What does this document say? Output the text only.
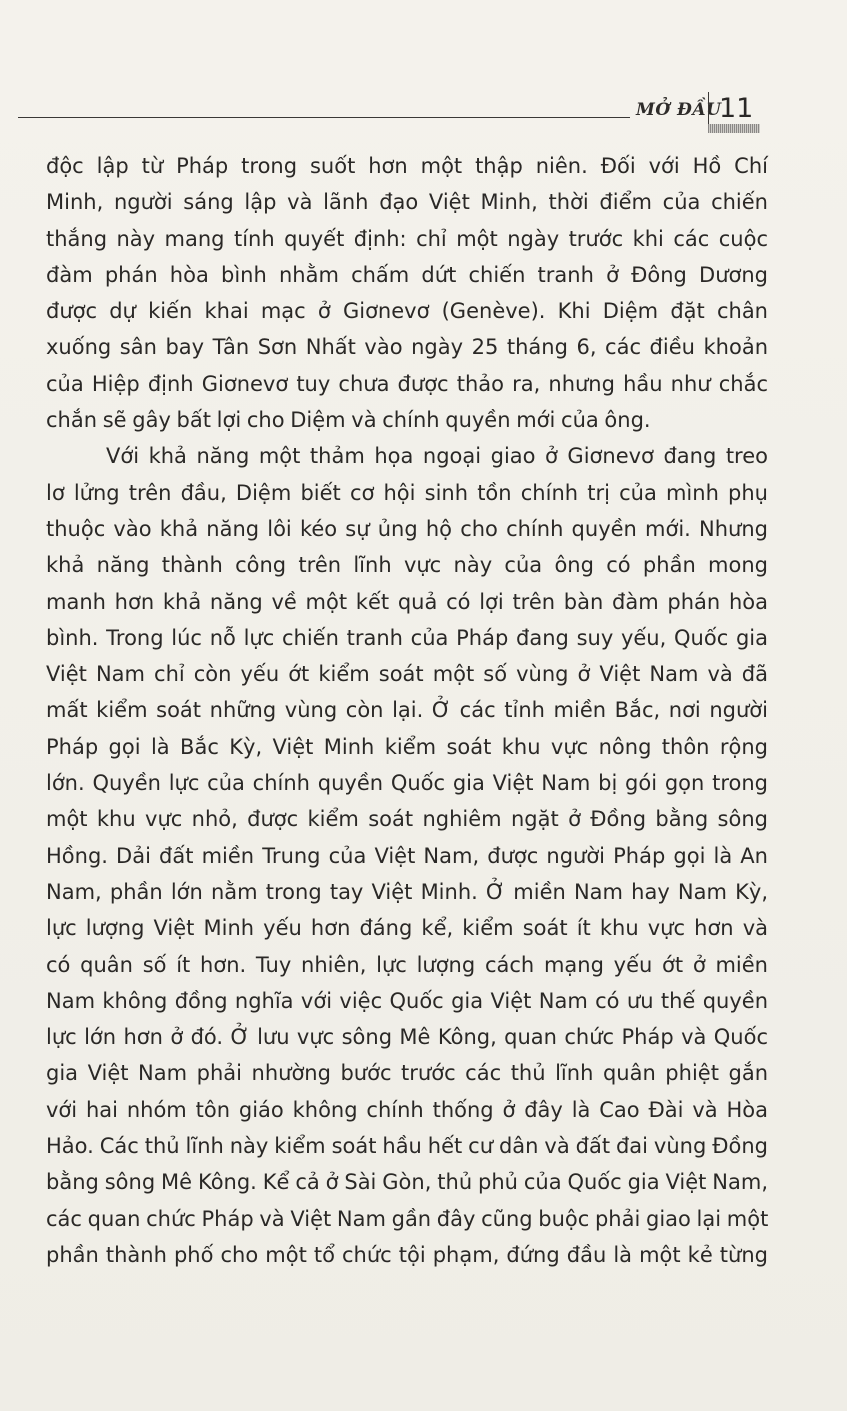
MỞ ĐẦU
11
độc lập từ Pháp trong suốt hơn một thập niên. Đối với Hồ Chí
Minh, người sáng lập và lãnh đạo Việt Minh, thời điểm của chiến
thắng này mang tính quyết định: chỉ một ngày trước khi các cuộc
đàm phán hòa bình nhằm chấm dứt chiến tranh ở Đông Dương
được dự kiến khai mạc ở Giơnevơ (Genève). Khi Diệm đặt chân
xuống sân bay Tân Sơn Nhất vào ngày 25 tháng 6, các điều khoản
của Hiệp định Giơnevơ tuy chưa được thảo ra, nhưng hầu như chắc
chắn sẽ gây bất lợi cho Diệm và chính quyền mới của ông.
Với khả năng một thảm họa ngoại giao ở Giơnevơ đang treo
lơ lửng trên đầu, Diệm biết cơ hội sinh tồn chính trị của mình phụ
thuộc vào khả năng lôi kéo sự ủng hộ cho chính quyền mới. Nhưng
khả năng thành công trên lĩnh vực này của ông có phần mong
manh hơn khả năng về một kết quả có lợi trên bàn đàm phán hòa
bình. Trong lúc nỗ lực chiến tranh của Pháp đang suy yếu, Quốc gia
Việt Nam chỉ còn yếu ớt kiểm soát một số vùng ở Việt Nam và đã
mất kiểm soát những vùng còn lại. Ở các tỉnh miền Bắc, nơi người
Pháp gọi là Bắc Kỳ, Việt Minh kiểm soát khu vực nông thôn rộng
lớn. Quyền lực của chính quyền Quốc gia Việt Nam bị gói gọn trong
một khu vực nhỏ, được kiểm soát nghiêm ngặt ở Đồng bằng sông
Hồng. Dải đất miền Trung của Việt Nam, được người Pháp gọi là An
Nam, phần lớn nằm trong tay Việt Minh. Ở miền Nam hay Nam Kỳ,
lực lượng Việt Minh yếu hơn đáng kể, kiểm soát ít khu vực hơn và
có quân số ít hơn. Tuy nhiên, lực lượng cách mạng yếu ớt ở miền
Nam không đồng nghĩa với việc Quốc gia Việt Nam có ưu thế quyền
lực lớn hơn ở đó. Ở lưu vực sông Mê Kông, quan chức Pháp và Quốc
gia Việt Nam phải nhường bước trước các thủ lĩnh quân phiệt gắn
với hai nhóm tôn giáo không chính thống ở đây là Cao Đài và Hòa
Hảo. Các thủ lĩnh này kiểm soát hầu hết cư dân và đất đai vùng Đồng
bằng sông Mê Kông. Kể cả ở Sài Gòn, thủ phủ của Quốc gia Việt Nam,
các quan chức Pháp và Việt Nam gần đây cũng buộc phải giao lại một
phần thành phố cho một tổ chức tội phạm, đứng đầu là một kẻ từng
